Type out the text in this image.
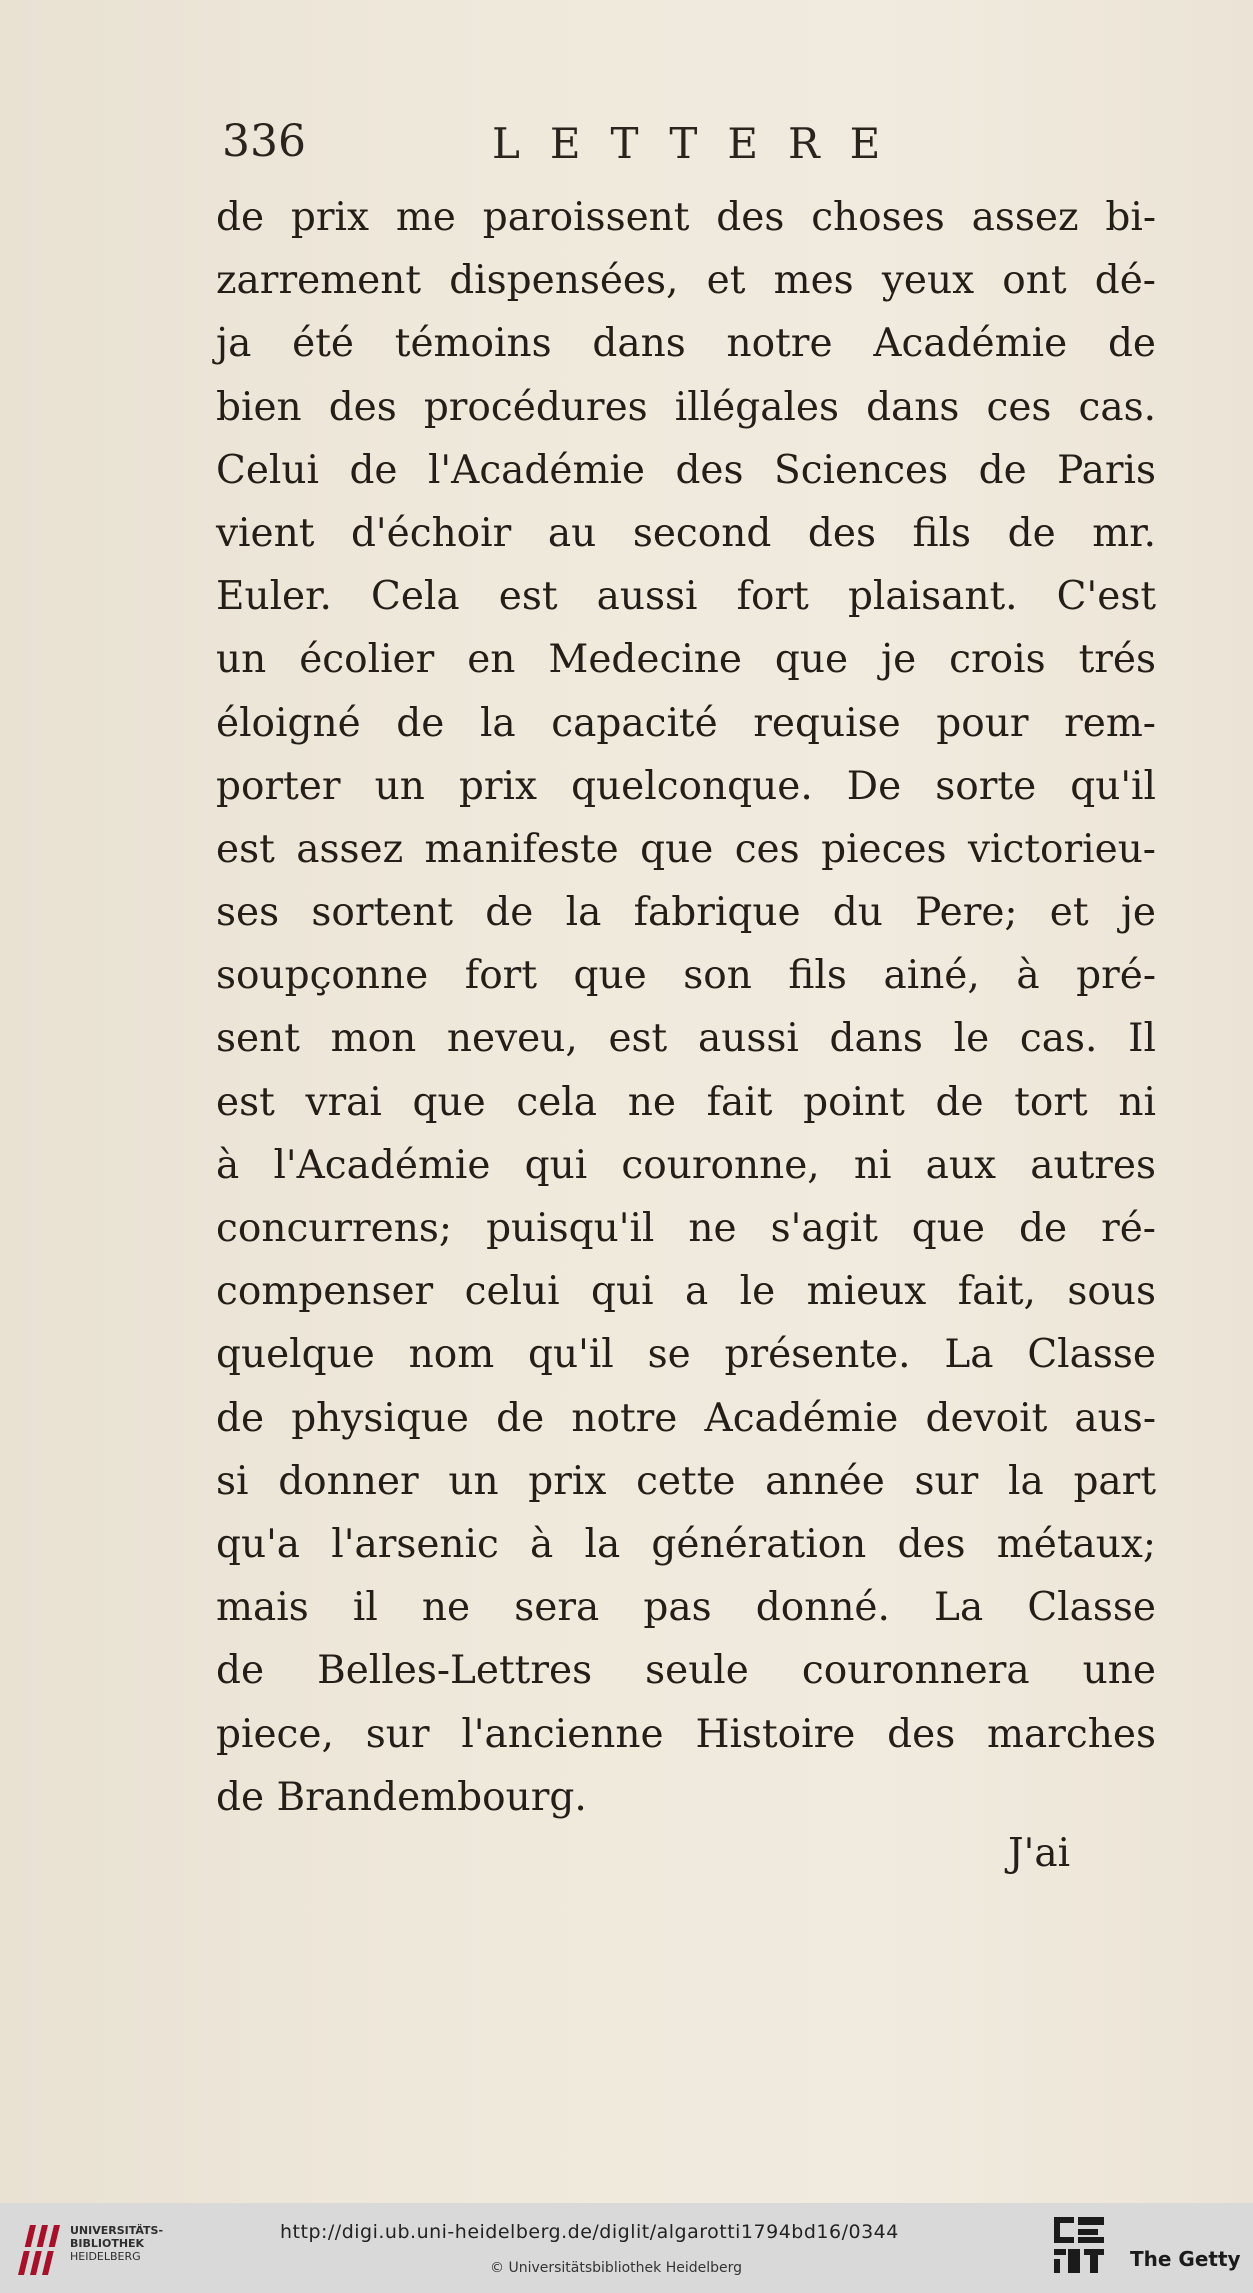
336	LETTERE
de prix me paroissent des choses assez bi-
zarrement dispensées, et mes yeux ont dé-
ja été témoins dans notre Académie de
bien des procédures illégales dans ces cas.
Celui de l'Académie des Sciences de Paris
vient d'échoir au second des fils de mr.
Euler. Cela est aussi fort plaisant. C'est
un écolier en Medecine que je crois trés
éloigné de la capacité requise pour rem-
porter un prix quelconque. De sorte qu'il
est assez manifeste que ces pieces victorieu-
ses sortent de la fabrique du Pere; et je
soupçonne fort que son fils ainé, à pré-
sent mon neveu, est aussi dans le cas. Il
est vrai que cela ne fait point de tort ni
à l'Académie qui couronne, ni aux autres
concurrens; puisqu'il ne s'agit que de ré-
compenser celui qui a le mieux fait, sous
quelque nom qu'il se présente. La Classe
de physique de notre Académie devoit aus-
si donner un prix cette année sur la part
qu'a l'arsenic à la génération des métaux;
mais il ne sera pas donné. La Classe
de Belles-Lettres seule couronnera une
piece, sur l'ancienne Histoire des marches
de Brandembourg.
J'ai
UNIVERSITÄTS-
BIBLIOTHEK
HEIDELBERG
http://digi.ub.uni-heidelberg.de/diglit/algarotti1794bd16/0344
© Universitätsbibliothek Heidelberg	The Getty
